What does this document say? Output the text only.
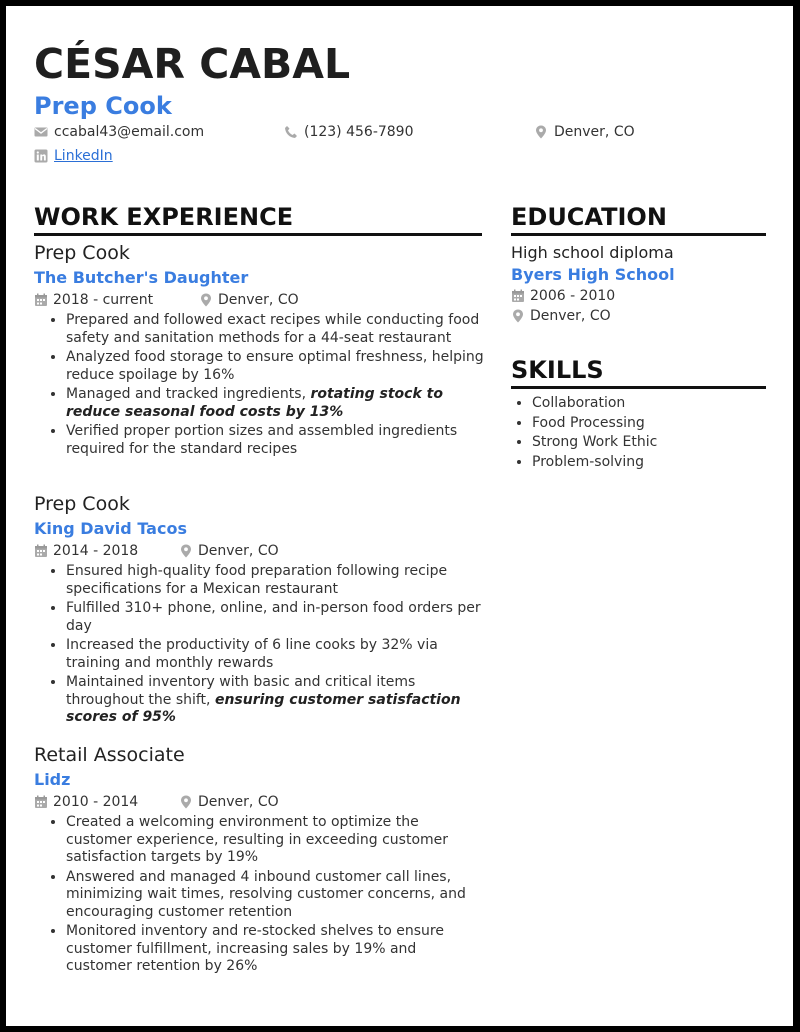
CÉSAR CABAL
Prep Cook
ccabal43@email.com	(123) 456-7890	Denver, CO
LinkedIn
WORK EXPERIENCE	EDUCATION
SKILLS
Prep Cook
The Butcher's Daughter
2018 - current	Denver, CO
• Prepared and followed exact recipes while conducting food safety and sanitation methods for a 44-seat restaurant
• Analyzed food storage to ensure optimal freshness, helping reduce spoilage by 16%
• Managed and tracked ingredients, rotating stock to reduce seasonal food costs by 13%
• Verified proper portion sizes and assembled ingredients required for the standard recipes
Prep Cook
King David Tacos
2014 - 2018	Denver, CO
• Ensured high-quality food preparation following recipe specifications for a Mexican restaurant
• Fulfilled 310+ phone, online, and in-person food orders per day
• Increased the productivity of 6 line cooks by 32% via training and monthly rewards
• Maintained inventory with basic and critical items throughout the shift, ensuring customer satisfaction scores of 95%
Retail Associate
Lidz
2010 - 2014	Denver, CO
• Created a welcoming environment to optimize the customer experience, resulting in exceeding customer satisfaction targets by 19%
• Answered and managed 4 inbound customer call lines, minimizing wait times, resolving customer concerns, and encouraging customer retention
• Monitored inventory and re-stocked shelves to ensure customer fulfillment, increasing sales by 19% and customer retention by 26%
High school diploma
Byers High School
2006 - 2010
Denver, CO
• Collaboration
• Food Processing
• Strong Work Ethic
• Problem-solving
